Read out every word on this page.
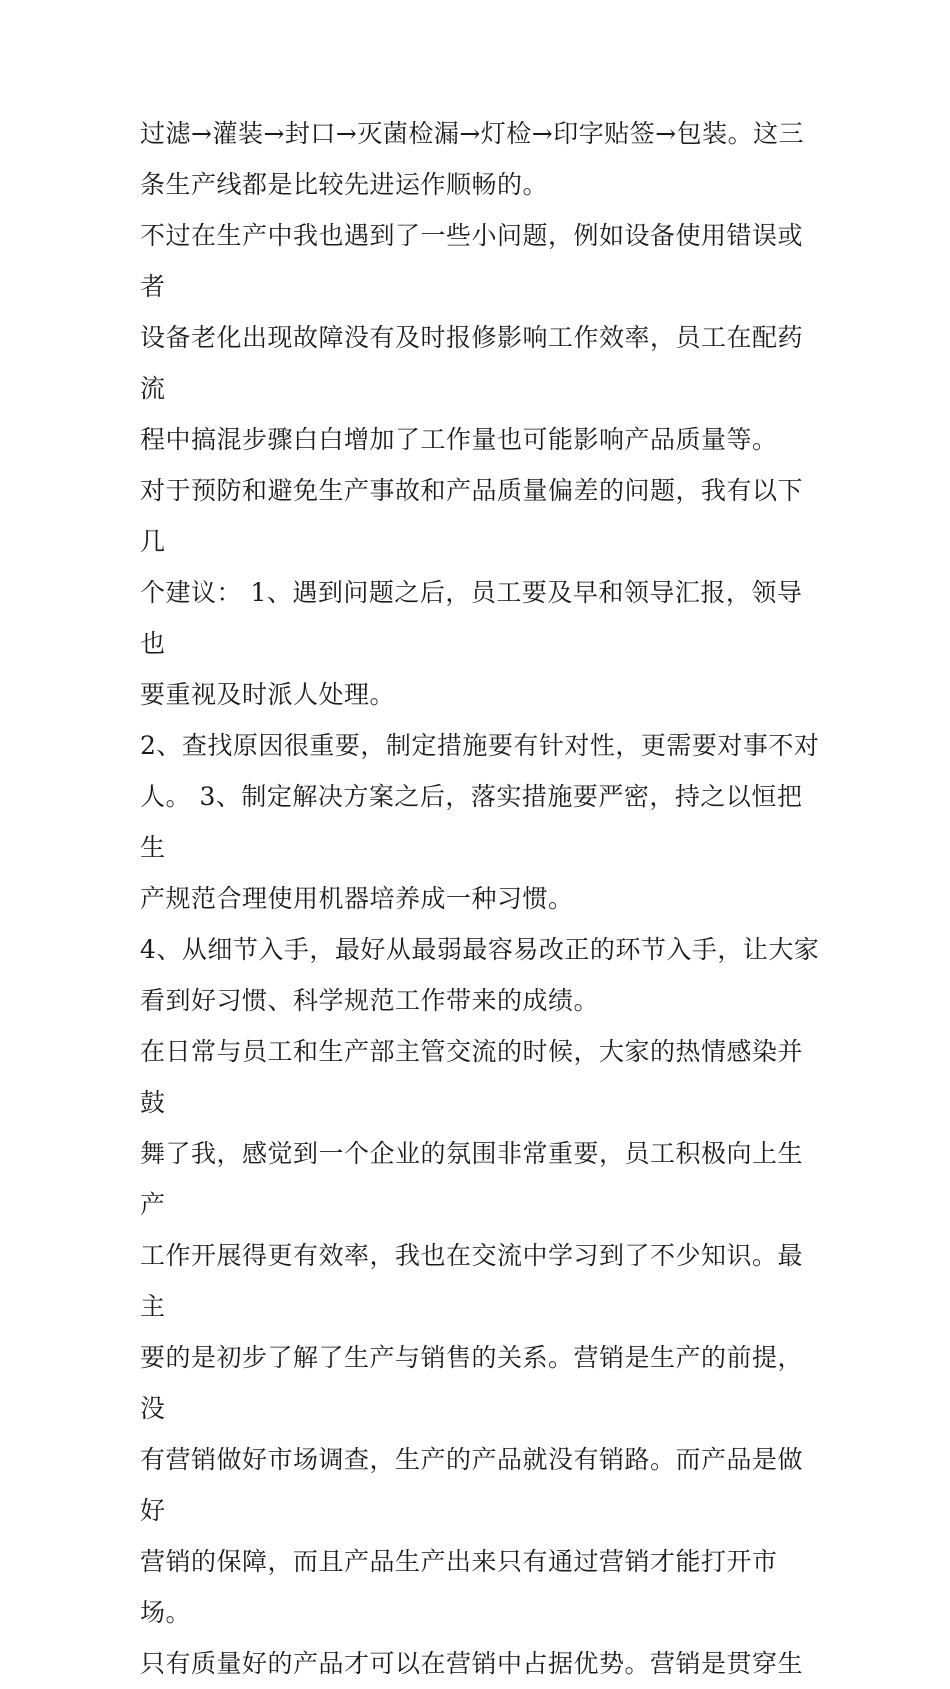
过滤→灌装→封口→灭菌检漏→灯检→印字贴签→包装。这三
条生产线都是比较先进运作顺畅的。

不过在生产中我也遇到了一些小问题，例如设备使用错误或者
设备老化出现故障没有及时报修影响工作效率，员工在配药流
程中搞混步骤白白增加了工作量也可能影响产品质量等。

对于预防和避免生产事故和产品质量偏差的问题，我有以下几
个建议： 1、遇到问题之后，员工要及早和领导汇报，领导也
要重视及时派人处理。

2、查找原因很重要，制定措施要有针对性，更需要对事不对
人。 3、制定解决方案之后，落实措施要严密，持之以恒把生
产规范合理使用机器培养成一种习惯。

4、从细节入手，最好从最弱最容易改正的环节入手，让大家
看到好习惯、科学规范工作带来的成绩。

在日常与员工和生产部主管交流的时候，大家的热情感染并鼓
舞了我，感觉到一个企业的氛围非常重要，员工积极向上生产
工作开展得更有效率，我也在交流中学习到了不少知识。最主
要的是初步了解了生产与销售的关系。营销是生产的前提，没
有营销做好市场调查，生产的产品就没有销路。而产品是做好
营销的保障，而且产品生产出来只有通过营销才能打开市场。
只有质量好的产品才可以在营销中占据优势。营销是贯穿生
